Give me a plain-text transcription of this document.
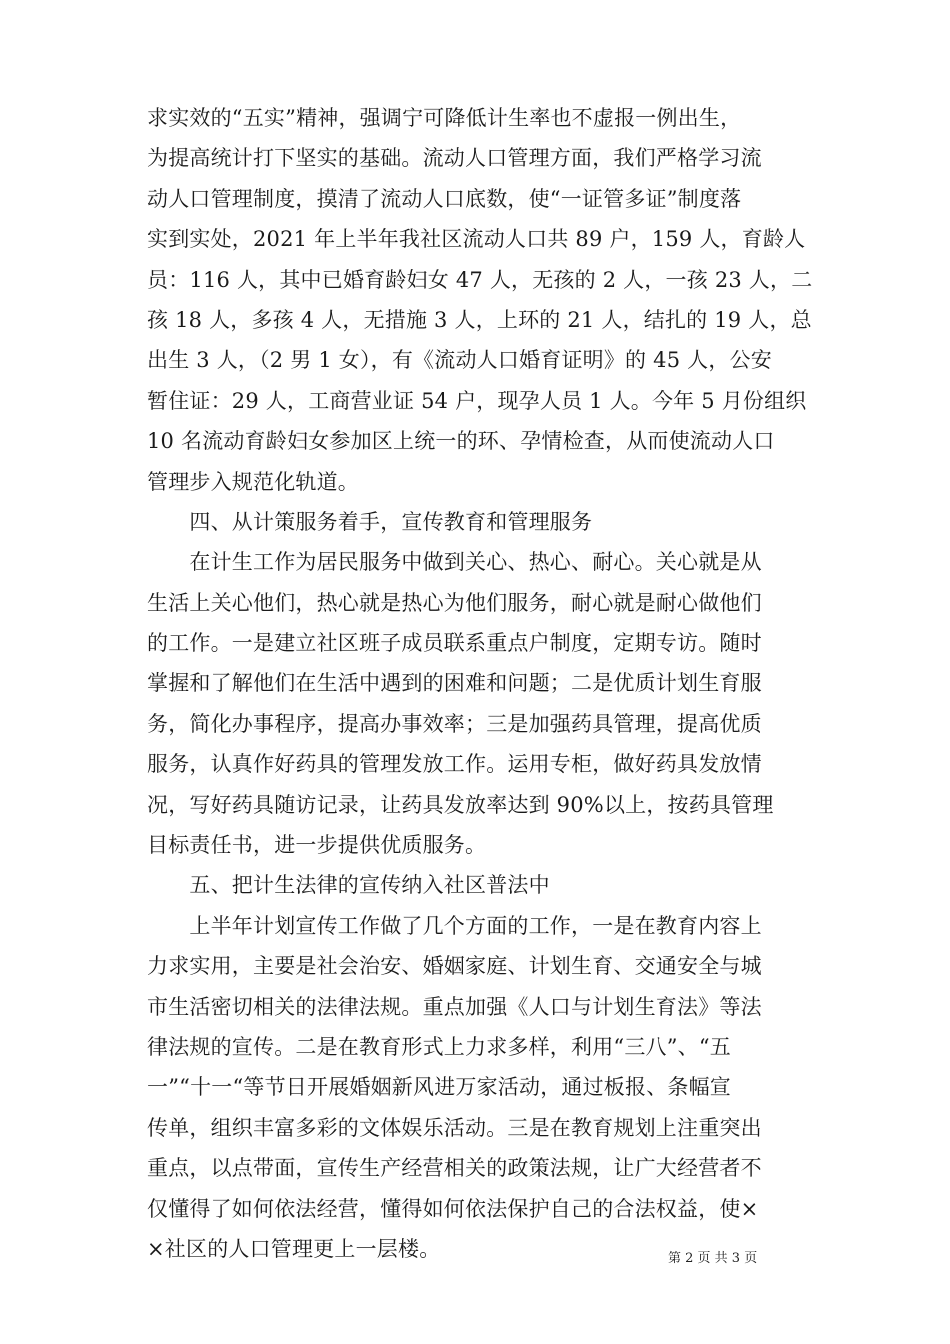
求实效的“五实”精神，强调宁可降低计生率也不虚报一例出生，
为提高统计打下坚实的基础。流动人口管理方面，我们严格学习流
动人口管理制度，摸清了流动人口底数，使“一证管多证”制度落
实到实处，2021 年上半年我社区流动人口共 89 户，159 人，育龄人
员：116 人，其中已婚育龄妇女 47 人，无孩的 2 人，一孩 23 人，二
孩 18 人，多孩 4 人，无措施 3 人，上环的 21 人，结扎的 19 人，总
出生 3 人，（2 男 1 女），有《流动人口婚育证明》的 45 人，公安
暂住证：29 人，工商营业证 54 户，现孕人员 1 人。今年 5 月份组织
10 名流动育龄妇女参加区上统一的环、孕情检查，从而使流动人口
管理步入规范化轨道。
　　四、从计策服务着手，宣传教育和管理服务
　　在计生工作为居民服务中做到关心、热心、耐心。关心就是从
生活上关心他们，热心就是热心为他们服务，耐心就是耐心做他们
的工作。一是建立社区班子成员联系重点户制度，定期专访。随时
掌握和了解他们在生活中遇到的困难和问题；二是优质计划生育服
务，简化办事程序，提高办事效率；三是加强药具管理，提高优质
服务，认真作好药具的管理发放工作。运用专柜，做好药具发放情
况，写好药具随访记录，让药具发放率达到 90%以上，按药具管理
目标责任书，进一步提供优质服务。
　　五、把计生法律的宣传纳入社区普法中
　　上半年计划宣传工作做了几个方面的工作，一是在教育内容上
力求实用，主要是社会治安、婚姻家庭、计划生育、交通安全与城
市生活密切相关的法律法规。重点加强《人口与计划生育法》等法
律法规的宣传。二是在教育形式上力求多样，利用“三八”、“五
一”“十一“等节日开展婚姻新风进万家活动，通过板报、条幅宣
传单，组织丰富多彩的文体娱乐活动。三是在教育规划上注重突出
重点，以点带面，宣传生产经营相关的政策法规，让广大经营者不
仅懂得了如何依法经营，懂得如何依法保护自己的合法权益，使×
×社区的人口管理更上一层楼。	第 2 页 共 3 页
